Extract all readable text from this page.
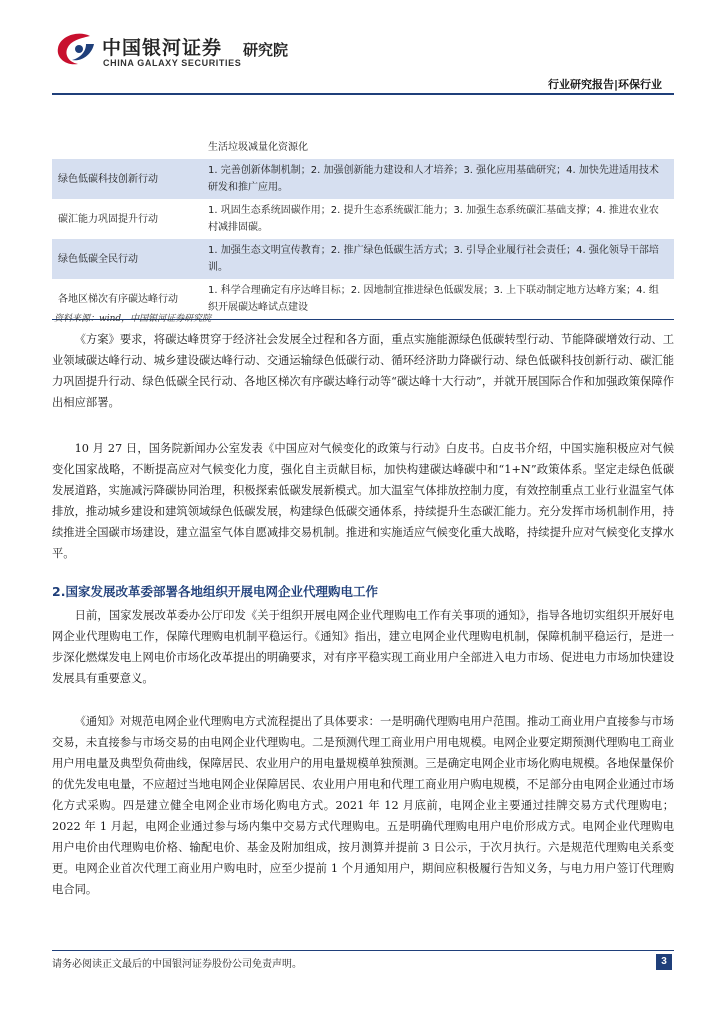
中国银河证券 研究院
CHINA GALAXY SECURITIES
行业研究报告|环保行业
生活垃圾减量化资源化
绿色低碳科技创新行动
1. 完善创新体制机制；2. 加强创新能力建设和人才培养；3. 强化应用基础研究；4. 加快先进适用技术研发和推广应用。
碳汇能力巩固提升行动
1. 巩固生态系统固碳作用；2. 提升生态系统碳汇能力；3. 加强生态系统碳汇基础支撑；4. 推进农业农村减排固碳。
绿色低碳全民行动
1. 加强生态文明宣传教育；2. 推广绿色低碳生活方式；3. 引导企业履行社会责任；4. 强化领导干部培训。
各地区梯次有序碳达峰行动
1. 科学合理确定有序达峰目标；2. 因地制宜推进绿色低碳发展；3. 上下联动制定地方达峰方案；4. 组织开展碳达峰试点建设
资料来源：wind，中国银河证券研究院

《方案》要求，将碳达峰贯穿于经济社会发展全过程和各方面，重点实施能源绿色低碳转型行动、节能降碳增效行动、工业领域碳达峰行动、城乡建设碳达峰行动、交通运输绿色低碳行动、循环经济助力降碳行动、绿色低碳科技创新行动、碳汇能力巩固提升行动、绿色低碳全民行动、各地区梯次有序碳达峰行动等“碳达峰十大行动”，并就开展国际合作和加强政策保障作出相应部署。

10 月 27 日，国务院新闻办公室发表《中国应对气候变化的政策与行动》白皮书。白皮书介绍，中国实施积极应对气候变化国家战略，不断提高应对气候变化力度，强化自主贡献目标，加快构建碳达峰碳中和“1+N”政策体系。坚定走绿色低碳发展道路，实施减污降碳协同治理，积极探索低碳发展新模式。加大温室气体排放控制力度，有效控制重点工业行业温室气体排放，推动城乡建设和建筑领域绿色低碳发展，构建绿色低碳交通体系，持续提升生态碳汇能力。充分发挥市场机制作用，持续推进全国碳市场建设，建立温室气体自愿减排交易机制。推进和实施适应气候变化重大战略，持续提升应对气候变化支撑水平。

2.国家发展改革委部署各地组织开展电网企业代理购电工作

日前，国家发展改革委办公厅印发《关于组织开展电网企业代理购电工作有关事项的通知》，指导各地切实组织开展好电网企业代理购电工作，保障代理购电机制平稳运行。《通知》指出，建立电网企业代理购电机制，保障机制平稳运行，是进一步深化燃煤发电上网电价市场化改革提出的明确要求，对有序平稳实现工商业用户全部进入电力市场、促进电力市场加快建设发展具有重要意义。

《通知》对规范电网企业代理购电方式流程提出了具体要求：一是明确代理购电用户范围。推动工商业用户直接参与市场交易，未直接参与市场交易的由电网企业代理购电。二是预测代理工商业用户用电规模。电网企业要定期预测代理购电工商业用户用电量及典型负荷曲线，保障居民、农业用户的用电量规模单独预测。三是确定电网企业市场化购电规模。各地保量保价的优先发电电量，不应超过当地电网企业保障居民、农业用户用电和代理工商业用户购电规模，不足部分由电网企业通过市场化方式采购。四是建立健全电网企业市场化购电方式。2021 年 12 月底前，电网企业主要通过挂牌交易方式代理购电；2022 年 1 月起，电网企业通过参与场内集中交易方式代理购电。五是明确代理购电用户电价形成方式。电网企业代理购电用户电价由代理购电价格、输配电价、基金及附加组成，按月测算并提前 3 日公示，于次月执行。六是规范代理购电关系变更。电网企业首次代理工商业用户购电时，应至少提前 1 个月通知用户，期间应积极履行告知义务，与电力用户签订代理购电合同。

请务必阅读正文最后的中国银河证券股份公司免责声明。	3
